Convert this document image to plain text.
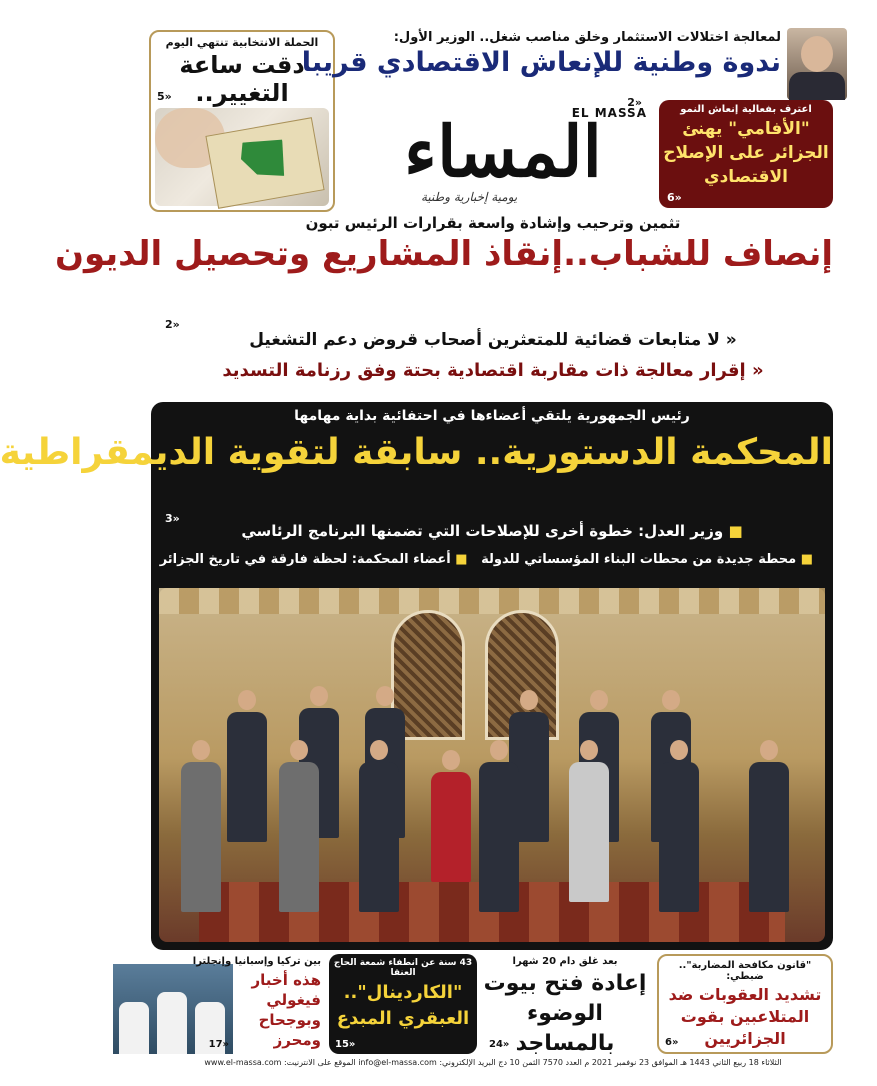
الحملة الانتخابية تنتهي اليوم
دقت ساعة التغيير..
5»
لمعالجة اختلالات الاستثمار وخلق مناصب شغل.. الوزير الأول:
ندوة وطنية للإنعاش الاقتصادي قريبا
2»
EL MASSA
المساء
يومية إخبارية وطنية
اعترف بفعالية إنعاش النمو
"الأفامي" يهنئ الجزائر على الإصلاح الاقتصادي
6»
تثمين وترحيب وإشادة واسعة بقرارات الرئيس تبون
إنصاف للشباب..إنقاذ المشاريع وتحصيل الديون
2»
« لا متابعات قضائية للمتعثرين أصحاب قروض دعم التشغيل
« إقرار معالجة ذات مقاربة اقتصادية بحتة وفق رزنامة التسديد
رئيس الجمهورية يلتقي أعضاءها في احتفائية بداية مهامها
المحكمة الدستورية.. سابقة لتقوية الديمقراطية
3»
■ وزير العدل: خطوة أخرى للإصلاحات التي تضمنها البرنامج الرئاسي
■ محطة جديدة من محطات البناء المؤسساتي للدولة   ■ أعضاء المحكمة: لحظة فارقة في تاريخ الجزائر
"قانون مكافحة المضاربة".. ضبطي:
تشديد العقوبات ضد المتلاعبين بقوت الجزائريين
6»
بعد غلق دام 20 شهرا
إعادة فتح بيوت الوضوء بالمساجد
24»
43 سنة عن انطفاء شمعة الحاج العنقا
"الكاردينال".. العبقري المبدع
15»
بين تركيا وإسبانيا وإنجلترا
هذه أخبار فيغولي وبوجحاح ومحرز
17»
الثلاثاء 18 ربيع الثاني 1443 هـ الموافق 23 نوفمبر 2021 م العدد 7570 الثمن 10 دج البريد الإلكتروني: info@el-massa.com الموقع على الانترنيت: www.el-massa.com
